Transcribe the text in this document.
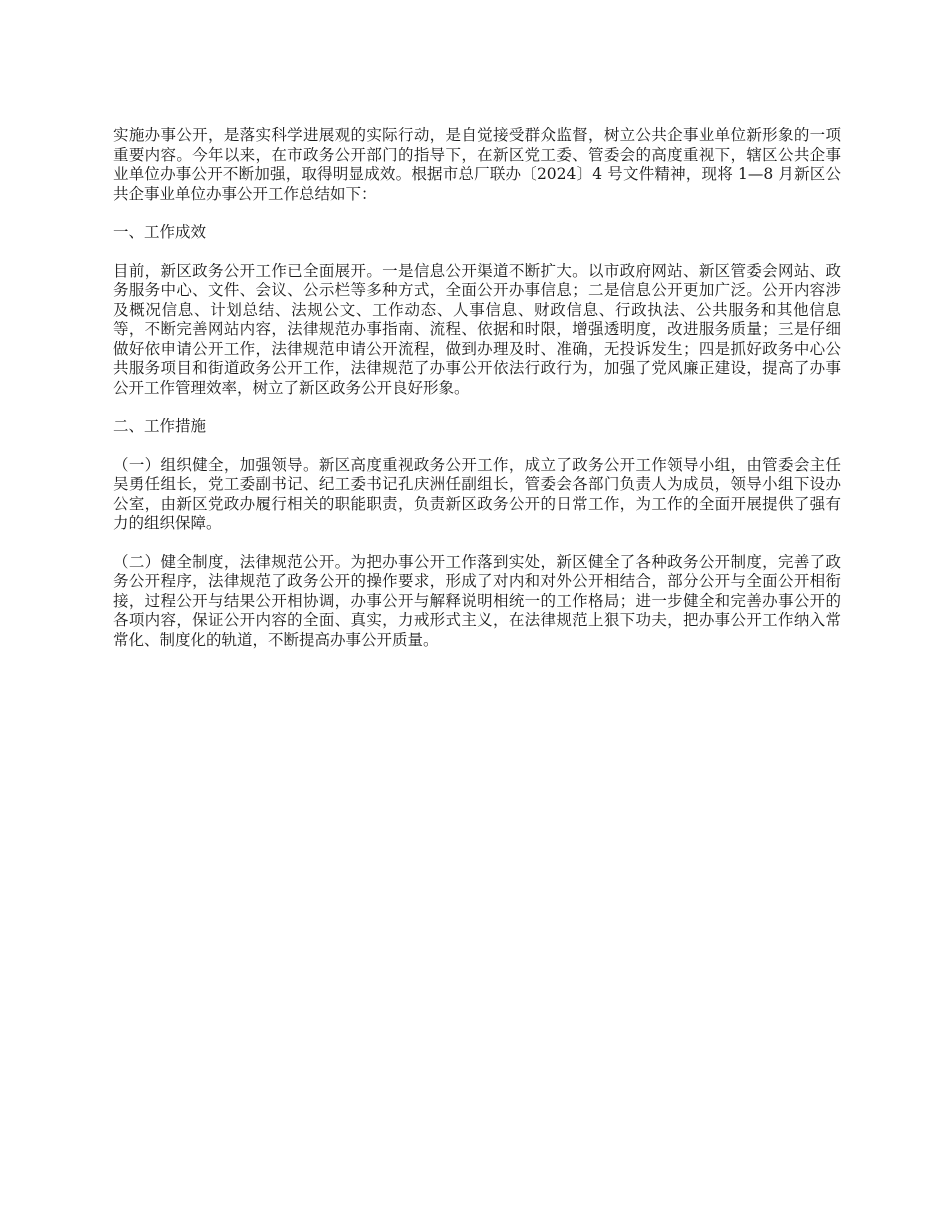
实施办事公开，是落实科学进展观的实际行动，是自觉接受群众监督，树立公共企事业单位新形象的一项重要内容。今年以来，在市政务公开部门的指导下，在新区党工委、管委会的高度重视下，辖区公共企事业单位办事公开不断加强，取得明显成效。根据市总厂联办〔2024〕4 号文件精神，现将 1—8 月新区公共企事业单位办事公开工作总结如下：

一、工作成效

目前，新区政务公开工作已全面展开。一是信息公开渠道不断扩大。以市政府网站、新区管委会网站、政务服务中心、文件、会议、公示栏等多种方式，全面公开办事信息；二是信息公开更加广泛。公开内容涉及概况信息、计划总结、法规公文、工作动态、人事信息、财政信息、行政执法、公共服务和其他信息等，不断完善网站内容，法律规范办事指南、流程、依据和时限，增强透明度，改进服务质量；三是仔细做好依申请公开工作，法律规范申请公开流程，做到办理及时、准确，无投诉发生；四是抓好政务中心公共服务项目和街道政务公开工作，法律规范了办事公开依法行政行为，加强了党风廉正建设，提高了办事公开工作管理效率，树立了新区政务公开良好形象。

二、工作措施

（一）组织健全，加强领导。新区高度重视政务公开工作，成立了政务公开工作领导小组，由管委会主任吴勇任组长，党工委副书记、纪工委书记孔庆洲任副组长，管委会各部门负责人为成员，领导小组下设办公室，由新区党政办履行相关的职能职责，负责新区政务公开的日常工作，为工作的全面开展提供了强有力的组织保障。

（二）健全制度，法律规范公开。为把办事公开工作落到实处，新区健全了各种政务公开制度，完善了政务公开程序，法律规范了政务公开的操作要求，形成了对内和对外公开相结合，部分公开与全面公开相衔接，过程公开与结果公开相协调，办事公开与解释说明相统一的工作格局；进一步健全和完善办事公开的各项内容，保证公开内容的全面、真实，力戒形式主义，在法律规范上狠下功夫，把办事公开工作纳入常常化、制度化的轨道，不断提高办事公开质量。
